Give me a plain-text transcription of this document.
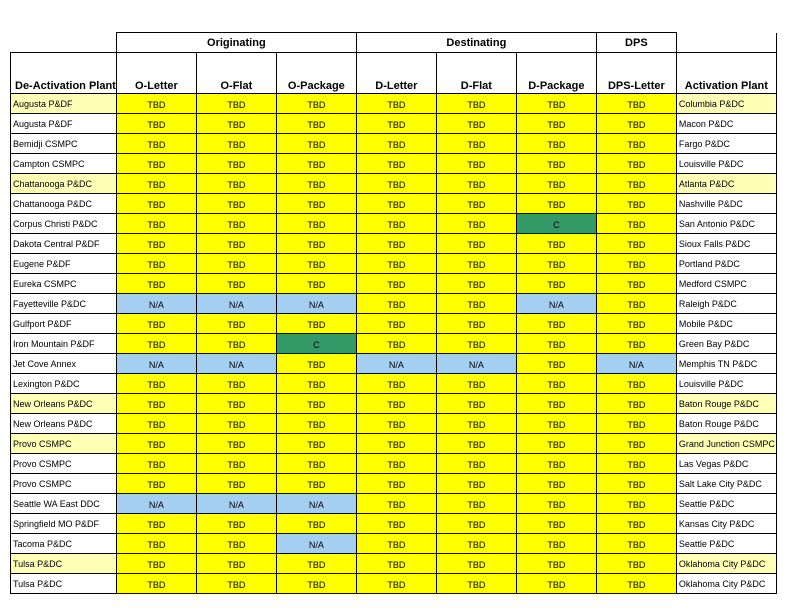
	Originating			Destinating			DPS	
De-Activation Plant	O-Letter	O-Flat	O-Package	D-Letter	D-Flat	D-Package	DPS-Letter	Activation Plant
Augusta P&DF	TBD	TBD	TBD	TBD	TBD	TBD	TBD	Columbia P&DC
Augusta P&DF	TBD	TBD	TBD	TBD	TBD	TBD	TBD	Macon P&DC
Bemidji CSMPC	TBD	TBD	TBD	TBD	TBD	TBD	TBD	Fargo P&DC
Campton CSMPC	TBD	TBD	TBD	TBD	TBD	TBD	TBD	Louisville P&DC
Chattanooga P&DC	TBD	TBD	TBD	TBD	TBD	TBD	TBD	Atlanta P&DC
Chattanooga P&DC	TBD	TBD	TBD	TBD	TBD	TBD	TBD	Nashville P&DC
Corpus Christi P&DC	TBD	TBD	TBD	TBD	TBD	C	TBD	San Antonio P&DC
Dakota Central P&DF	TBD	TBD	TBD	TBD	TBD	TBD	TBD	Sioux Falls P&DC
Eugene P&DF	TBD	TBD	TBD	TBD	TBD	TBD	TBD	Portland P&DC
Eureka CSMPC	TBD	TBD	TBD	TBD	TBD	TBD	TBD	Medford CSMPC
Fayetteville P&DC	N/A	N/A	N/A	TBD	TBD	N/A	TBD	Raleigh P&DC
Gulfport P&DF	TBD	TBD	TBD	TBD	TBD	TBD	TBD	Mobile P&DC
Iron Mountain P&DF	TBD	TBD	C	TBD	TBD	TBD	TBD	Green Bay P&DC
Jet Cove Annex	N/A	N/A	TBD	N/A	N/A	TBD	N/A	Memphis TN P&DC
Lexington P&DC	TBD	TBD	TBD	TBD	TBD	TBD	TBD	Louisville P&DC
New Orleans P&DC	TBD	TBD	TBD	TBD	TBD	TBD	TBD	Baton Rouge P&DC
New Orleans P&DC	TBD	TBD	TBD	TBD	TBD	TBD	TBD	Baton Rouge P&DC
Provo CSMPC	TBD	TBD	TBD	TBD	TBD	TBD	TBD	Grand Junction CSMPC
Provo CSMPC	TBD	TBD	TBD	TBD	TBD	TBD	TBD	Las Vegas P&DC
Provo CSMPC	TBD	TBD	TBD	TBD	TBD	TBD	TBD	Salt Lake City P&DC
Seattle WA East DDC	N/A	N/A	N/A	TBD	TBD	TBD	TBD	Seattle P&DC
Springfield MO P&DF	TBD	TBD	TBD	TBD	TBD	TBD	TBD	Kansas City P&DC
Tacoma P&DC	TBD	TBD	N/A	TBD	TBD	TBD	TBD	Seattle P&DC
Tulsa P&DC	TBD	TBD	TBD	TBD	TBD	TBD	TBD	Oklahoma City P&DC
Tulsa P&DC	TBD	TBD	TBD	TBD	TBD	TBD	TBD	Oklahoma City P&DC
